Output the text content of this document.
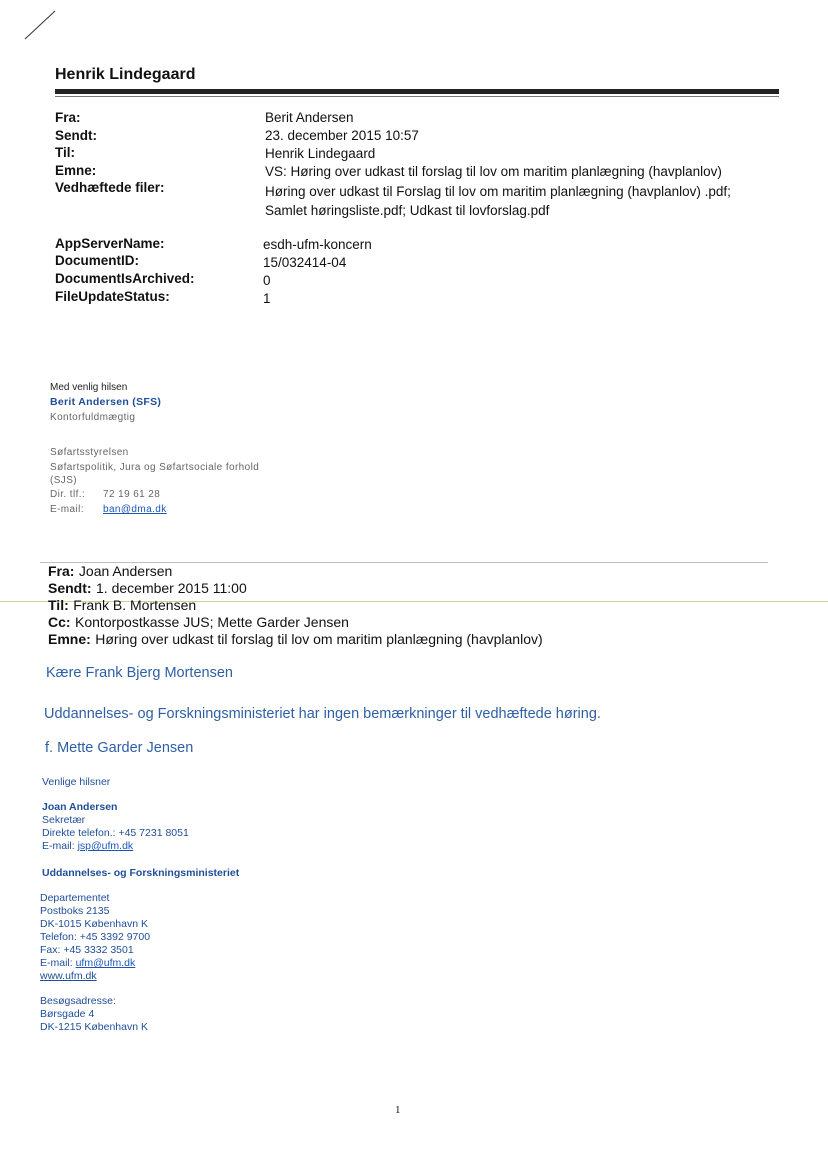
Henrik Lindegaard
Fra:
Sendt:
Til:
Emne:
Vedhæftede filer:
Berit Andersen
23. december 2015 10:57
Henrik Lindegaard
VS: Høring over udkast til forslag til lov om maritim planlægning (havplanlov)
Høring over udkast til Forslag til lov om maritim planlægning (havplanlov) .pdf;
Samlet høringsliste.pdf; Udkast til lovforslag.pdf
AppServerName:
DocumentID:
DocumentIsArchived:
FileUpdateStatus:
esdh-ufm-koncern
15/032414-04
0
1
Med venlig hilsen
Berit Andersen (SFS)
Kontorfuldmægtig
Søfartsstyrelsen
Søfartspolitik, Jura og Søfartsociale forhold
(SJS)
Dir. tlf.: 72 19 61 28
E-mail: ban@dma.dk
Fra: Joan Andersen
Sendt: 1. december 2015 11:00
Til: Frank B. Mortensen
Cc: Kontorpostkasse JUS; Mette Garder Jensen
Emne: Høring over udkast til forslag til lov om maritim planlægning (havplanlov)
Kære Frank Bjerg Mortensen
Uddannelses- og Forskningsministeriet har ingen bemærkninger til vedhæftede høring.
f. Mette Garder Jensen
Venlige hilsner
Joan Andersen
Sekretær
Direkte telefon.: +45 7231 8051
E-mail: jsp@ufm.dk
Uddannelses- og Forskningsministeriet
Departementet
Postboks 2135
DK-1015 København K
Telefon: +45 3392 9700
Fax: +45 3332 3501
E-mail: ufm@ufm.dk
www.ufm.dk
Besøgsadresse:
Børsgade 4
DK-1215 København K
1
